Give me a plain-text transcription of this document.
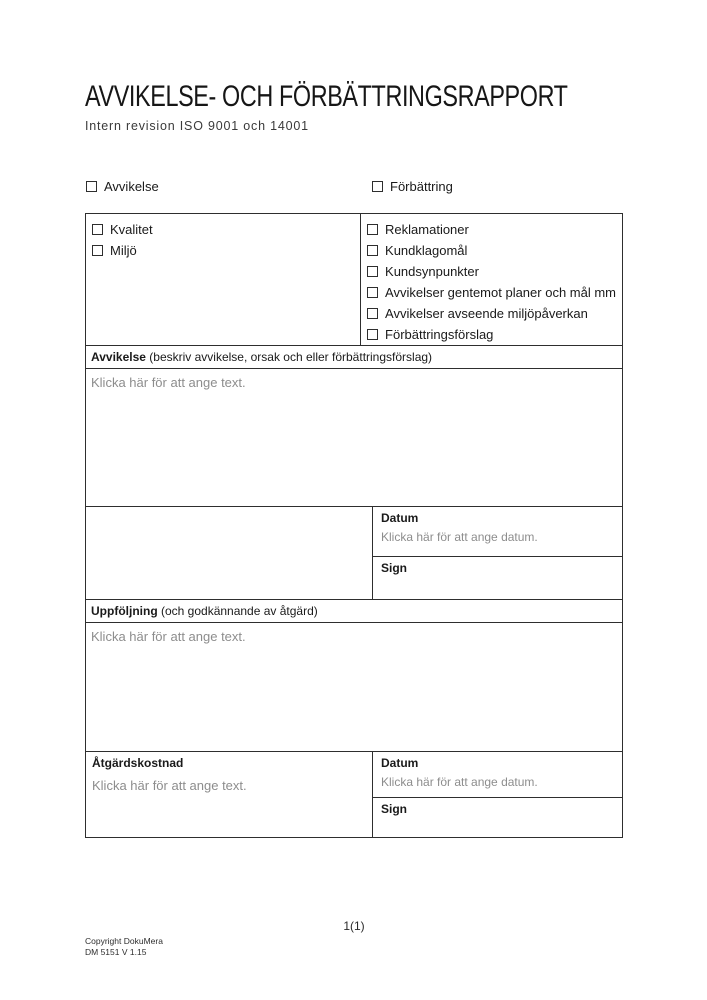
AVVIKELSE- OCH FÖRBÄTTRINGSRAPPORT
Intern revision ISO 9001 och 14001
Avvikelse	Förbättring
Kvalitet
Miljö
Reklamationer
Kundklagomål
Kundsynpunkter
Avvikelser gentemot planer och mål mm
Avvikelser avseende miljöpåverkan
Förbättringsförslag
Avvikelse (beskriv avvikelse, orsak och eller förbättringsförslag)
Klicka här för att ange text.
Datum
Klicka här för att ange datum.
Sign
Uppföljning (och godkännande av åtgärd)
Klicka här för att ange text.
Åtgärdskostnad
Klicka här för att ange text.
Datum
Klicka här för att ange datum.
Sign
1(1)
Copyright DokuMera
DM 5151 V 1.15
